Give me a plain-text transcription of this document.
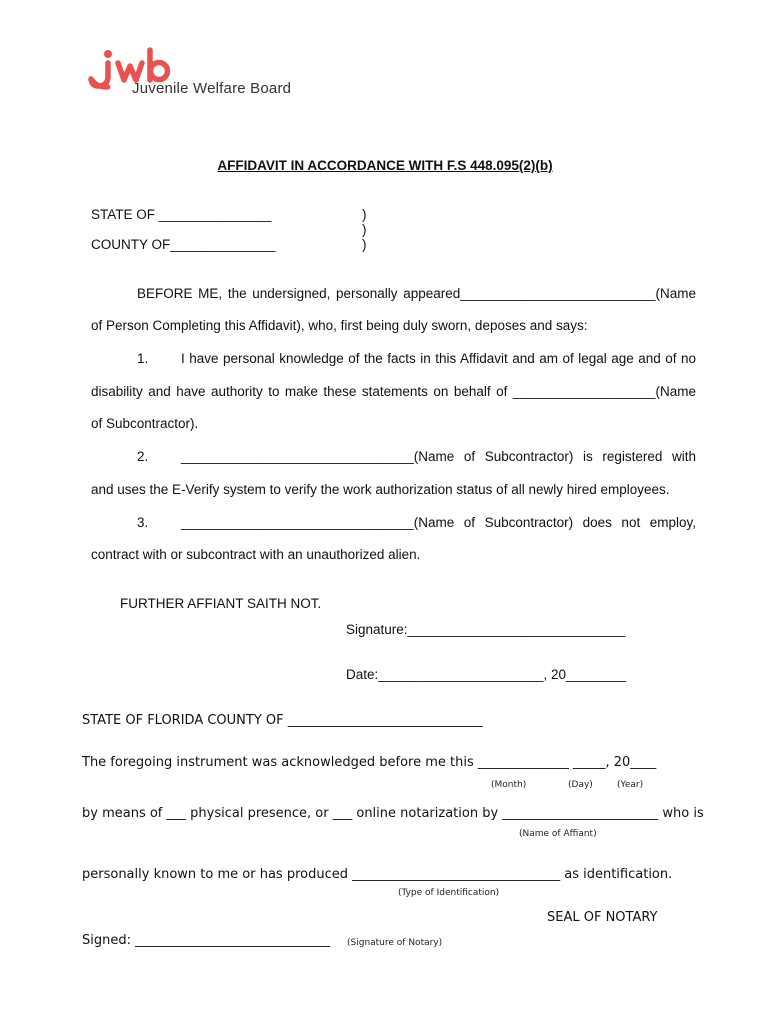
Juvenile Welfare Board
AFFIDAVIT IN ACCORDANCE WITH F.S 448.095(2)(b)
STATE OF _______________
COUNTY OF______________
)
)
)
BEFORE ME, the undersigned, personally appeared__________________________(Name
of Person Completing this Affidavit), who, first being duly sworn, deposes and says:
1. I have personal knowledge of the facts in this Affidavit and am of legal age and of no
disability and have authority to make these statements on behalf of ___________________(Name
of Subcontractor).
2. _______________________________(Name of Subcontractor) is registered with
and uses the E-Verify system to verify the work authorization status of all newly hired employees.
3. _______________________________(Name of Subcontractor) does not employ,
contract with or subcontract with an unauthorized alien.
FURTHER AFFIANT SAITH NOT.
Signature:_____________________________
Date:______________________, 20________
STATE OF FLORIDA COUNTY OF ______________________________
The foregoing instrument was acknowledged before me this ______________ _____, 20____
(Month)	(Day)	(Year)
by means of ___ physical presence, or ___ online notarization by ________________________ who is
(Name of Affiant)
personally known to me or has produced ________________________________ as identification.
(Type of Identification)
SEAL OF NOTARY
Signed: ______________________________ (Signature of Notary)
